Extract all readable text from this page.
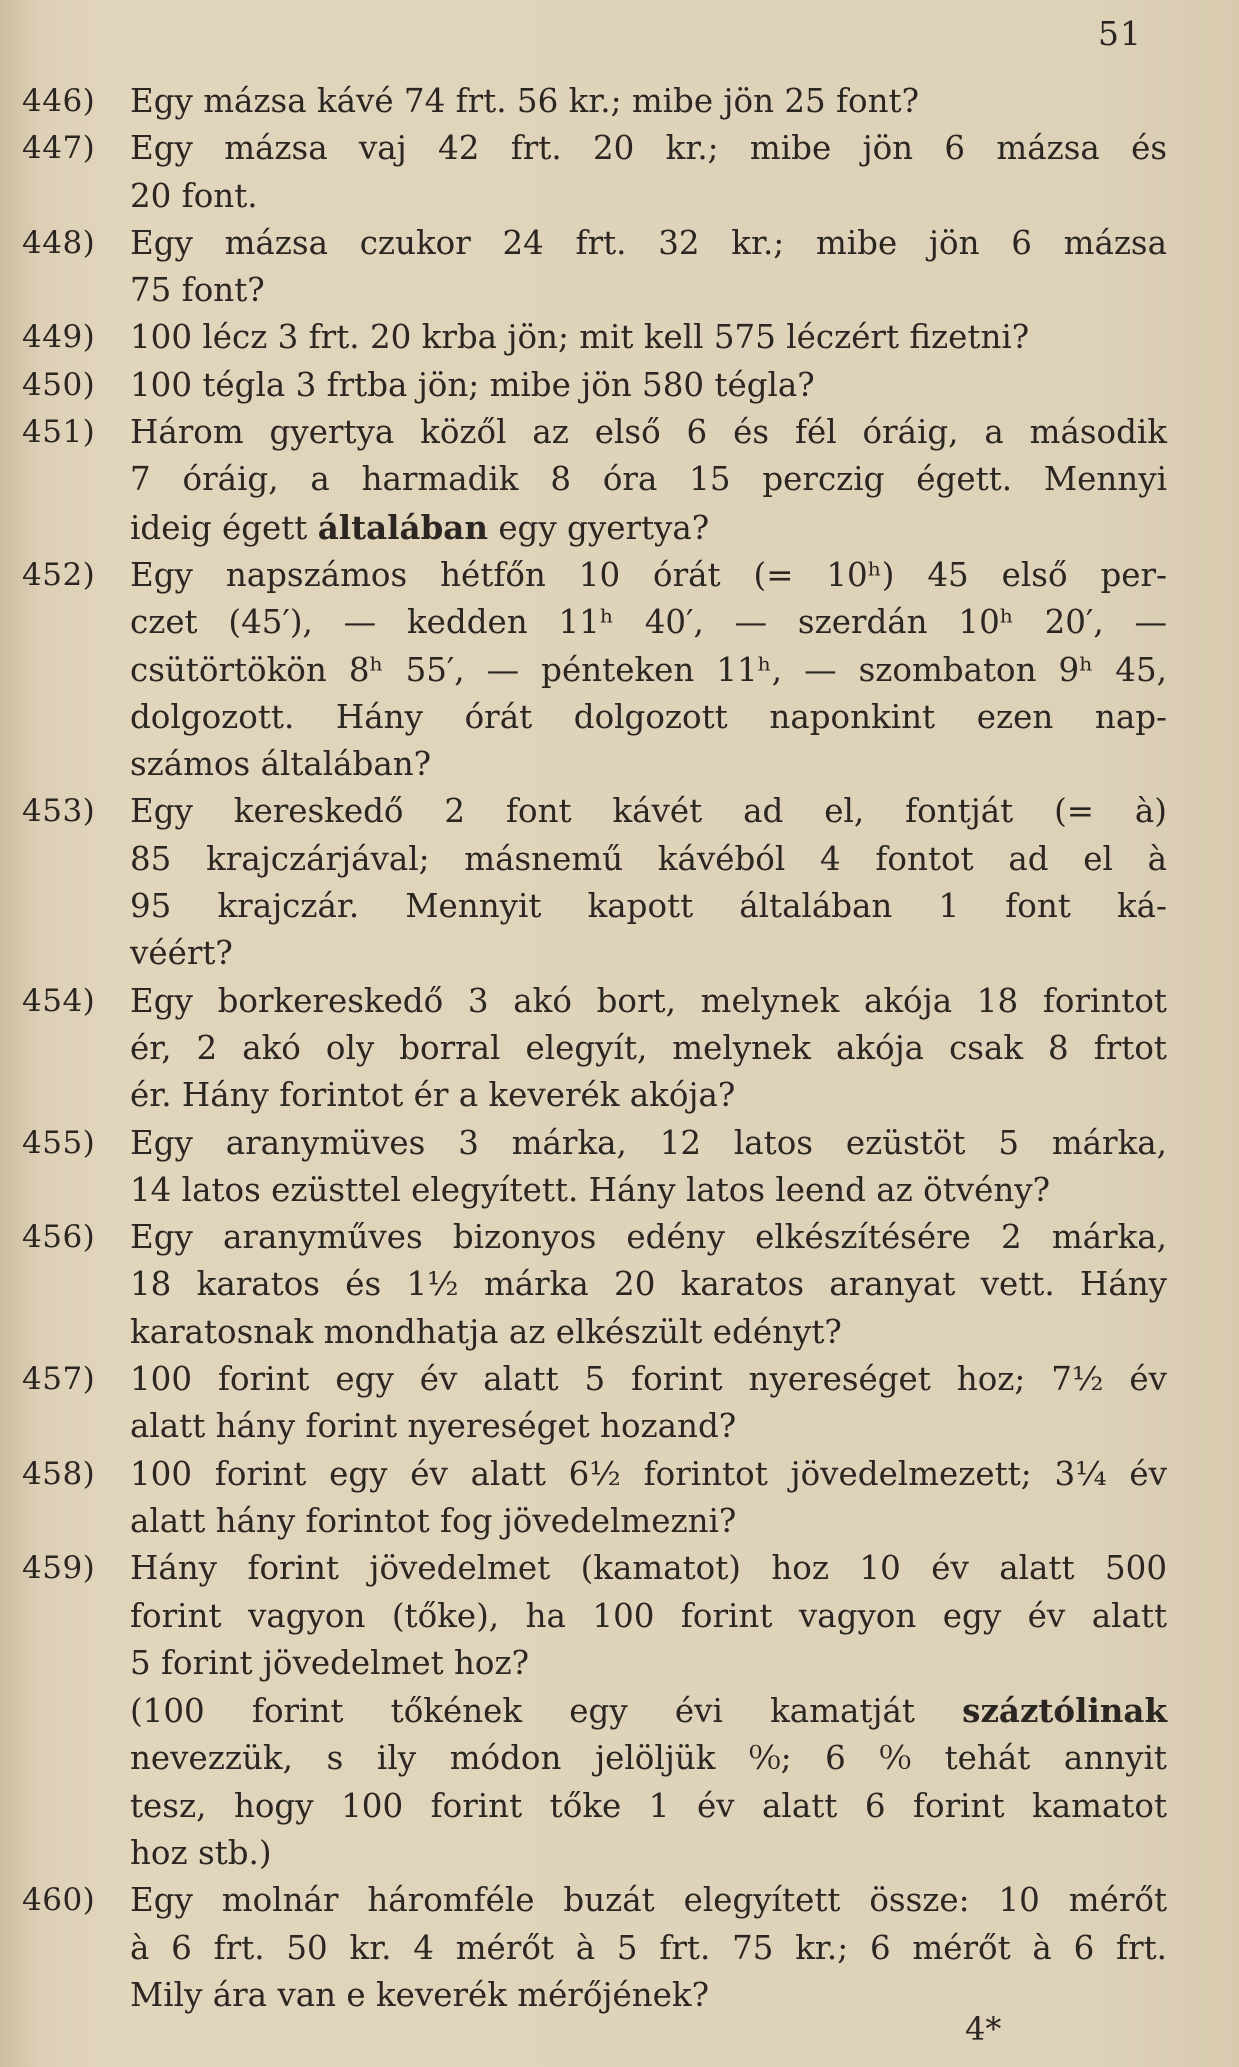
51
446)	Egy mázsa kávé 74 frt. 56 kr.; mibe jön 25 font?
447)	Egy mázsa vaj 42 frt. 20 kr.; mibe jön 6 mázsa és
20 font.
448)	Egy mázsa czukor 24 frt. 32 kr.; mibe jön 6 mázsa
75 font?
449)	100 lécz 3 frt. 20 krba jön; mit kell 575 léczért fizetni?
450)	100 tégla 3 frtba jön; mibe jön 580 tégla?
451)	Három gyertya közől az első 6 és fél óráig, a második
7 óráig, a harmadik 8 óra 15 perczig égett. Mennyi
ideig égett általában egy gyertya?
452)	Egy napszámos hétfőn 10 órát (= 10ʰ) 45 első per-
czet (45′), — kedden 11ʰ 40′, — szerdán 10ʰ 20′, —
csütörtökön 8ʰ 55′, — pénteken 11ʰ, — szombaton 9ʰ 45,
dolgozott. Hány órát dolgozott naponkint ezen nap-
számos általában?
453)	Egy kereskedő 2 font kávét ad el, fontját (= à)
85 krajczárjával; másnemű kávéból 4 fontot ad el à
95 krajczár. Mennyit kapott általában 1 font ká-
véért?
454)	Egy borkereskedő 3 akó bort, melynek akója 18 forintot
ér, 2 akó oly borral elegyít, melynek akója csak 8 frtot
ér. Hány forintot ér a keverék akója?
455)	Egy aranymüves 3 márka, 12 latos ezüstöt 5 márka,
14 latos ezüsttel elegyített. Hány latos leend az ötvény?
456)	Egy aranyműves bizonyos edény elkészítésére 2 márka,
18 karatos és 1½ márka 20 karatos aranyat vett. Hány
karatosnak mondhatja az elkészült edényt?
457)	100 forint egy év alatt 5 forint nyereséget hoz; 7½ év
alatt hány forint nyereséget hozand?
458)	100 forint egy év alatt 6½ forintot jövedelmezett; 3¼ év
alatt hány forintot fog jövedelmezni?
459)	Hány forint jövedelmet (kamatot) hoz 10 év alatt 500
forint vagyon (tőke), ha 100 forint vagyon egy év alatt
5 forint jövedelmet hoz?
(100 forint tőkének egy évi kamatját száztólinak
nevezzük, s ily módon jelöljük ⁰⁄₀; 6 ⁰⁄₀ tehát annyit
tesz, hogy 100 forint tőke 1 év alatt 6 forint kamatot
hoz stb.)
460)	Egy molnár háromféle buzát elegyített össze: 10 mérőt
à 6 frt. 50 kr. 4 mérőt à 5 frt. 75 kr.; 6 mérőt à 6 frt.
Mily ára van e keverék mérőjének?
4*
